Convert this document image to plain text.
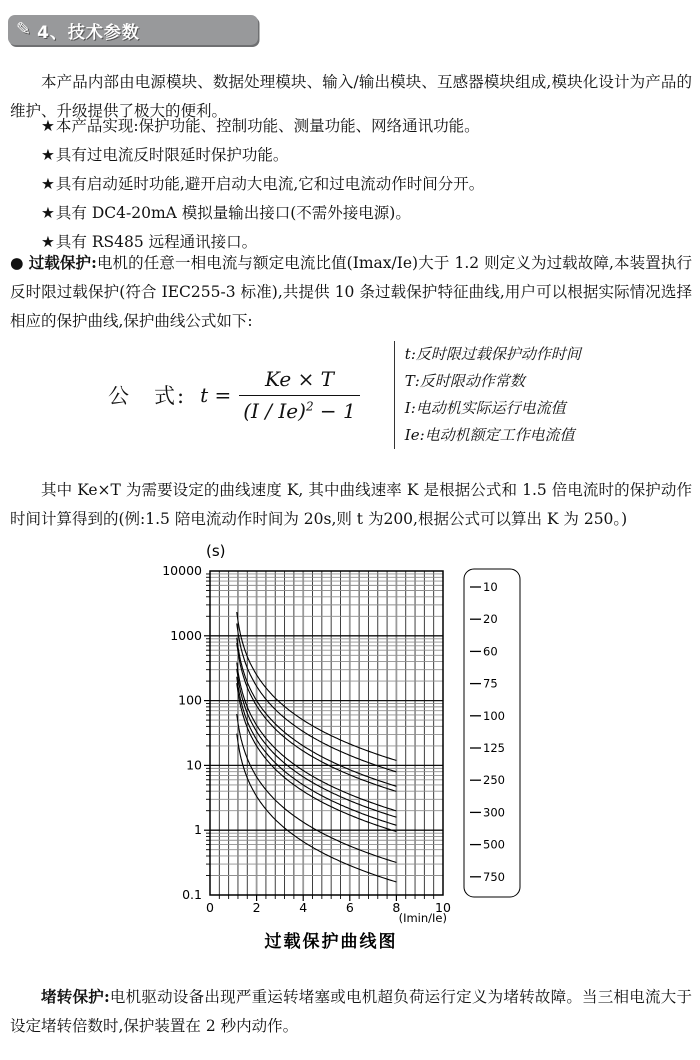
✎ 4、技术参数

本产品内部由电源模块、数据处理模块、输入/输出模块、互感器模块组成,模块化设计为产品的维护、升级提供了极大的便利。

★本产品实现:保护功能、控制功能、测量功能、网络通讯功能。
★具有过电流反时限延时保护功能。
★具有启动延时功能,避开启动大电流,它和过电流动作时间分开。
★具有 DC4-20mA 模拟量输出接口(不需外接电源)。
★具有 RS485 远程通讯接口。

● 过载保护:电机的任意一相电流与额定电流比值(Imax/Ie)大于 1.2 则定义为过载故障,本装置执行反时限过载保护(符合 IEC255-3 标准),共提供 10 条过载保护特征曲线,用户可以根据实际情况选择相应的保护曲线,保护曲线公式如下:

公　式: $t = \frac{Ke \times T}{(I / Ie)^2 - 1}$
t:反时限过载保护动作时间
T:反时限动作常数
I:电动机实际运行电流值
Ie:电动机额定工作电流值

其中 Ke×T 为需要设定的曲线速度 K, 其中曲线速率 K 是根据公式和 1.5 倍电流时的保护动作时间计算得到的(例:1.5 陪电流动作时间为 20s,则 t 为200,根据公式可以算出 K 为 250。)

10000
1000
100
10
1
0.1
0	2	4	6	8	10
(s)
(Imin/Ie)
10
20
60
75
100
125
250
300
500
750
过载保护曲线图

堵转保护:电机驱动设备出现严重运转堵塞或电机超负荷运行定义为堵转故障。当三相电流大于设定堵转倍数时,保护装置在 2 秒内动作。
